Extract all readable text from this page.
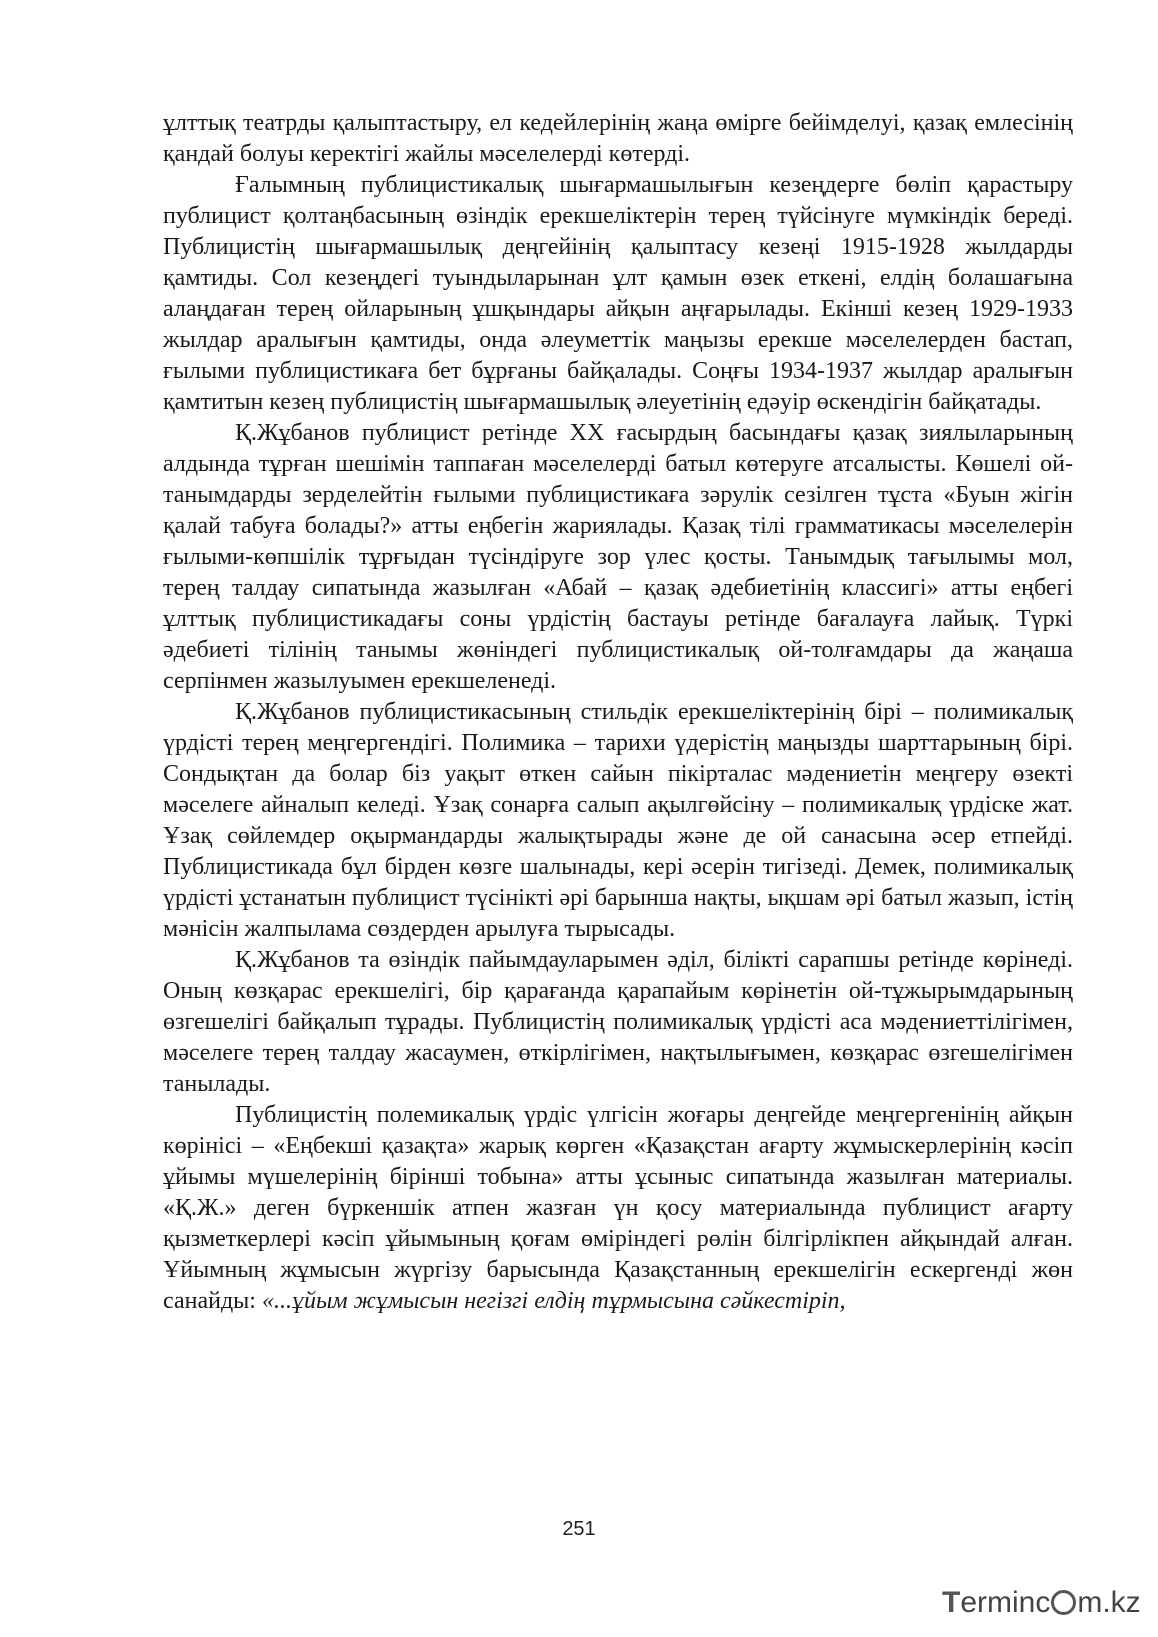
ұлттық театрды қалыптастыру, ел кедейлерінің жаңа өмірге бейімделуі, қазақ емлесінің қандай болуы керектігі жайлы мәселелерді көтерді.

Ғалымның публицистикалық шығармашылығын кезеңдерге бөліп қарастыру публицист қолтаңбасының өзіндік ерекшеліктерін терең түйсінуге мүмкіндік береді. Публицистің шығармашылық деңгейінің қалыптасу кезеңі 1915-1928 жылдарды қамтиды. Сол кезеңдегі туындыларынан ұлт қамын өзек еткені, елдің болашағына алаңдаған терең ойларының ұшқындары айқын аңғарылады. Екінші кезең 1929-1933 жылдар аралығын қамтиды, онда әлеуметтік маңызы ерекше мәселелерден бастап, ғылыми публицистикаға бет бұрғаны байқалады. Соңғы 1934-1937 жылдар аралығын қамтитын кезең публицистің шығармашылық әлеуетінің едәуір өскендігін байқатады.

Қ.Жұбанов публицист ретінде ХХ ғасырдың басындағы қазақ зиялыларының алдында тұрған шешімін таппаған мәселелерді батыл көтеруге атсалысты. Көшелі ой-танымдарды зерделейтін ғылыми публицистикаға зәрулік сезілген тұста «Буын жігін қалай табуға болады?» атты еңбегін жариялады. Қазақ тілі грамматикасы мәселелерін ғылыми-көпшілік тұрғыдан түсіндіруге зор үлес қосты. Танымдық тағылымы мол, терең талдау сипатында жазылған «Абай – қазақ әдебиетінің классигі» атты еңбегі ұлттық публицистикадағы соны үрдістің бастауы ретінде бағалауға лайық. Түркі әдебиеті тілінің танымы жөніндегі публицистикалық ой-толғамдары да жаңаша серпінмен жазылуымен ерекшеленеді.

Қ.Жұбанов публицистикасының стильдік ерекшеліктерінің бірі – полимикалық үрдісті терең меңгергендігі. Полимика – тарихи үдерістің маңызды шарттарының бірі. Сондықтан да болар біз уақыт өткен сайын пікірталас мәдениетін меңгеру өзекті мәселеге айналып келеді. Ұзақ сонарға салып ақылгөйсіну – полимикалық үрдіске жат. Ұзақ сөйлемдер оқырмандарды жалықтырады және де ой санасына әсер етпейді. Публицистикада бұл бірден көзге шалынады, кері әсерін тигізеді. Демек, полимикалық үрдісті ұстанатын публицист түсінікті әрі барынша нақты, ықшам әрі батыл жазып, істің мәнісін жалпылама сөздерден арылуға тырысады.

Қ.Жұбанов та өзіндік пайымдауларымен әділ, білікті сарапшы ретінде көрінеді. Оның көзқарас ерекшелігі, бір қарағанда қарапайым көрінетін ой-тұжырымдарының өзгешелігі байқалып тұрады. Публицистің полимикалық үрдісті аса мәдениеттілігімен, мәселеге терең талдау жасаумен, өткірлігімен, нақтылығымен, көзқарас өзгешелігімен танылады.

Публицистің полемикалық үрдіс үлгісін жоғары деңгейде меңгергенінің айқын көрінісі – «Еңбекші қазақта» жарық көрген «Қазақстан ағарту жұмыскерлерінің кәсіп ұйымы мүшелерінің бірінші тобына» атты ұсыныс сипатында жазылған материалы. «Қ.Ж.» деген бүркеншік атпен жазған үн қосу материалында публицист ағарту қызметкерлері кәсіп ұйымының қоғам өміріндегі рөлін білгірлікпен айқындай алған. Ұйымның жұмысын жүргізу барысында Қазақстанның ерекшелігін ескергенді жөн санайды: «...ұйым жұмысын негізгі елдің тұрмысына сәйкестіріп,

251
Terminc m.kz
